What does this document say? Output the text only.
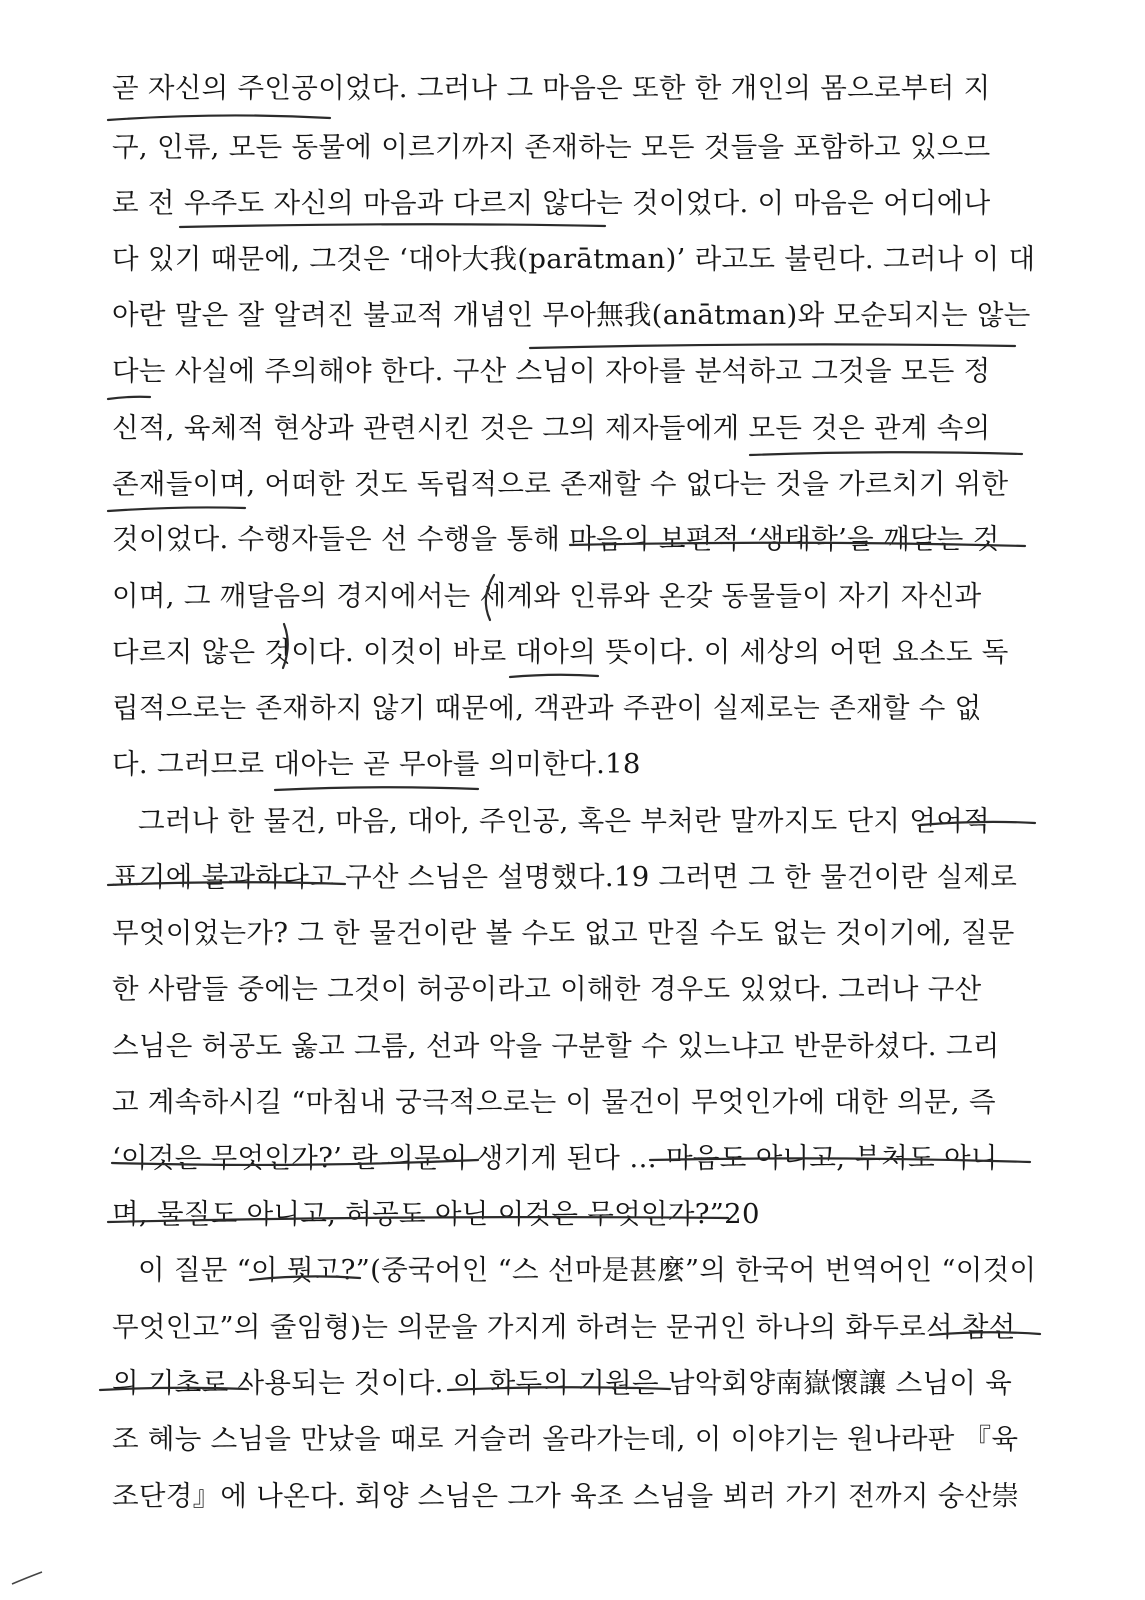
곧 자신의 주인공이었다. 그러나 그 마음은 또한 한 개인의 몸으로부터 지
구, 인류, 모든 동물에 이르기까지 존재하는 모든 것들을 포함하고 있으므
로 전 우주도 자신의 마음과 다르지 않다는 것이었다. 이 마음은 어디에나
다 있기 때문에, 그것은 ‘대아大我(parātman)’ 라고도 불린다. 그러나 이 대
아란 말은 잘 알려진 불교적 개념인 무아無我(anātman)와 모순되지는 않는
다는 사실에 주의해야 한다. 구산 스님이 자아를 분석하고 그것을 모든 정
신적, 육체적 현상과 관련시킨 것은 그의 제자들에게 모든 것은 관계 속의
존재들이며, 어떠한 것도 독립적으로 존재할 수 없다는 것을 가르치기 위한
것이었다. 수행자들은 선 수행을 통해 마음의 보편적 ‘생태학’을 깨닫는 것
이며, 그 깨달음의 경지에서는 세계와 인류와 온갖 동물들이 자기 자신과
다르지 않은 것이다. 이것이 바로 대아의 뜻이다. 이 세상의 어떤 요소도 독
립적으로는 존재하지 않기 때문에, 객관과 주관이 실제로는 존재할 수 없
다. 그러므로 대아는 곧 무아를 의미한다.18
그러나 한 물건, 마음, 대아, 주인공, 혹은 부처란 말까지도 단지 언어적
표기에 불과하다고 구산 스님은 설명했다.19 그러면 그 한 물건이란 실제로
무엇이었는가? 그 한 물건이란 볼 수도 없고 만질 수도 없는 것이기에, 질문
한 사람들 중에는 그것이 허공이라고 이해한 경우도 있었다. 그러나 구산
스님은 허공도 옳고 그름, 선과 악을 구분할 수 있느냐고 반문하셨다. 그리
고 계속하시길 “마침내 궁극적으로는 이 물건이 무엇인가에 대한 의문, 즉
‘이것은 무엇인가?’ 란 의문이 생기게 된다 … 마음도 아니고, 부처도 아니
며, 물질도 아니고, 허공도 아닌 이것은 무엇인가?”20
이 질문 “이 뭣고?”(중국어인 “스 선마是甚麼”의 한국어 번역어인 “이것이
무엇인고”의 줄임형)는 의문을 가지게 하려는 문귀인 하나의 화두로서 참선
의 기초로 사용되는 것이다. 이 화두의 기원은 남악회양南嶽懷讓 스님이 육
조 혜능 스님을 만났을 때로 거슬러 올라가는데, 이 이야기는 원나라판 『육
조단경』에 나온다. 회양 스님은 그가 육조 스님을 뵈러 가기 전까지 숭산崇
